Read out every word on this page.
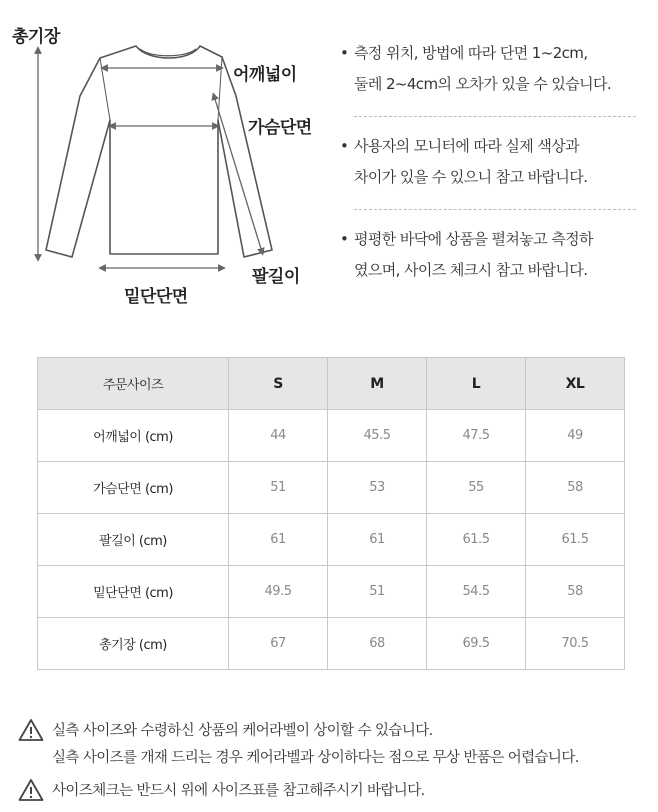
총기장
어깨넓이
가슴단면
팔길이
밑단단면
• 측정 위치, 방법에 따라 단면 1~2cm,
둘레 2~4cm의 오차가 있을 수 있습니다.
• 사용자의 모니터에 따라 실제 색상과
차이가 있을 수 있으니 참고 바랍니다.
• 평평한 바닥에 상품을 펼쳐놓고 측정하
였으며, 사이즈 체크시 참고 바랍니다.
주문사이즈	S	M	L	XL
어깨넓이 (cm)	44	45.5	47.5	49
가슴단면 (cm)	51	53	55	58
팔길이 (cm)	61	61	61.5	61.5
밑단단면 (cm)	49.5	51	54.5	58
총기장 (cm)	67	68	69.5	70.5
실측 사이즈와 수령하신 상품의 케어라벨이 상이할 수 있습니다.
실측 사이즈를 개재 드리는 경우 케어라벨과 상이하다는 점으로 무상 반품은 어렵습니다.
사이즈체크는 반드시 위에 사이즈표를 참고해주시기 바랍니다.
